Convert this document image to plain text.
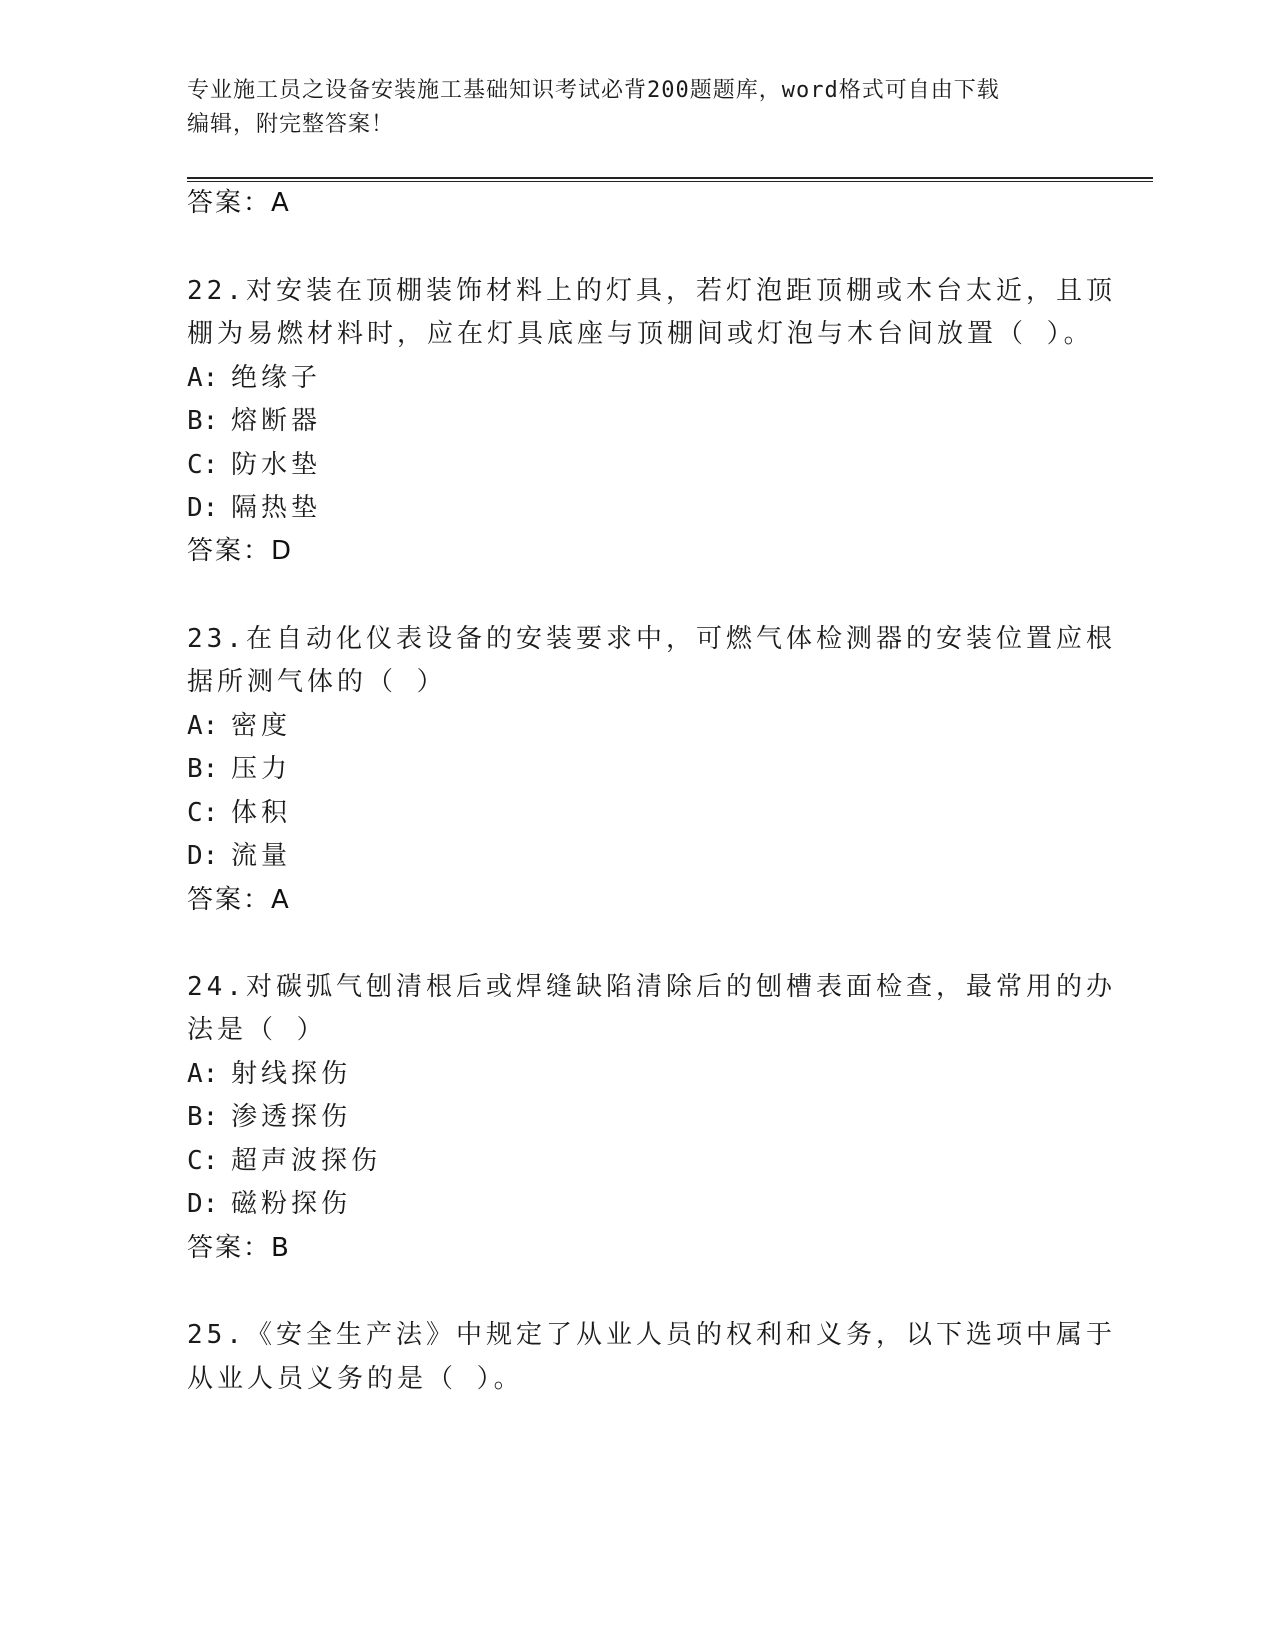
专业施工员之设备安装施工基础知识考试必背200题题库，word格式可自由下载
编辑，附完整答案！
答案：A
22.对安装在顶棚装饰材料上的灯具，若灯泡距顶棚或木台太近，且顶
棚为易燃材料时，应在灯具底座与顶棚间或灯泡与木台间放置（ ）。
A: 绝缘子
B: 熔断器
C: 防水垫
D: 隔热垫
答案：D
23.在自动化仪表设备的安装要求中，可燃气体检测器的安装位置应根
据所测气体的（ ）
A: 密度
B: 压力
C: 体积
D: 流量
答案：A
24.对碳弧气刨清根后或焊缝缺陷清除后的刨槽表面检查，最常用的办
法是（ ）
A: 射线探伤
B: 渗透探伤
C: 超声波探伤
D: 磁粉探伤
答案：B
25.《安全生产法》中规定了从业人员的权利和义务，以下选项中属于
从业人员义务的是（ ）。
